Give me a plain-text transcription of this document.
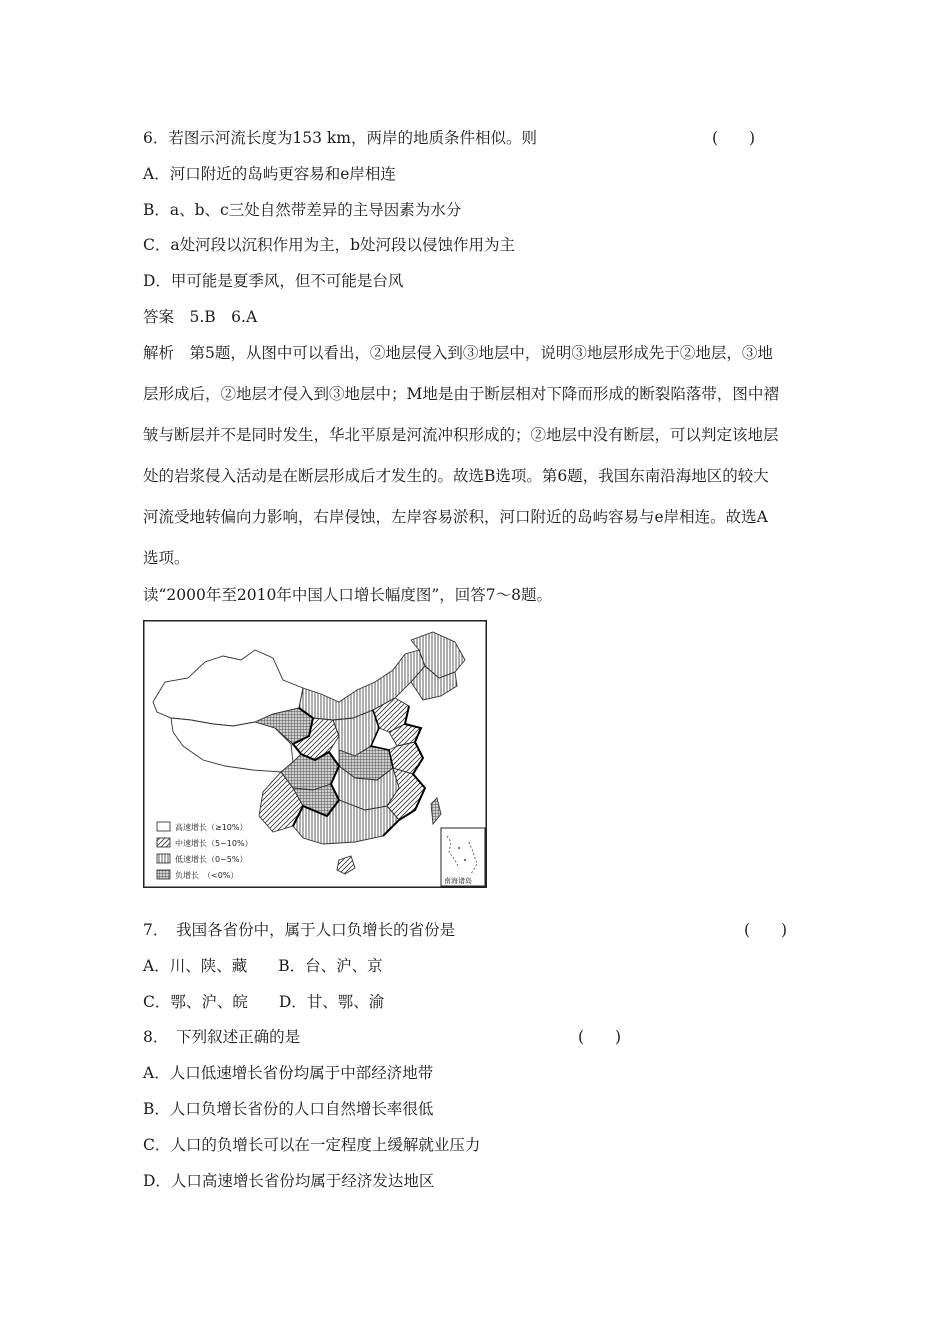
6．若图示河流长度为153 km，两岸的地质条件相似。则	(　　)
A．河口附近的岛屿更容易和e岸相连
B．a、b、c三处自然带差异的主导因素为水分
C．a处河段以沉积作用为主，b处河段以侵蚀作用为主
D．甲可能是夏季风，但不可能是台风
答案　5.B　6.A
解析　第5题，从图中可以看出，②地层侵入到③地层中，说明③地层形成先于②地层，③地
层形成后，②地层才侵入到③地层中；M地是由于断层相对下降而形成的断裂陷落带，图中褶
皱与断层并不是同时发生，华北平原是河流冲积形成的；②地层中没有断层，可以判定该地层
处的岩浆侵入活动是在断层形成后才发生的。故选B选项。第6题，我国东南沿海地区的较大
河流受地转偏向力影响，右岸侵蚀，左岸容易淤积，河口附近的岛屿容易与e岸相连。故选A
选项。
读“2000年至2010年中国人口增长幅度图”，回答7～8题。
高速增长（≥10%）
中速增长（5~10%）
低速增长（0~5%）
负增长　（<0%）
南海诸岛
7．　我国各省份中，属于人口负增长的省份是	(　　)
A．川、陕、藏　　B．台、沪、京
C．鄂、沪、皖　　D．甘、鄂、渝
8．　下列叙述正确的是	(　　)
A．人口低速增长省份均属于中部经济地带
B．人口负增长省份的人口自然增长率很低
C．人口的负增长可以在一定程度上缓解就业压力
D．人口高速增长省份均属于经济发达地区
